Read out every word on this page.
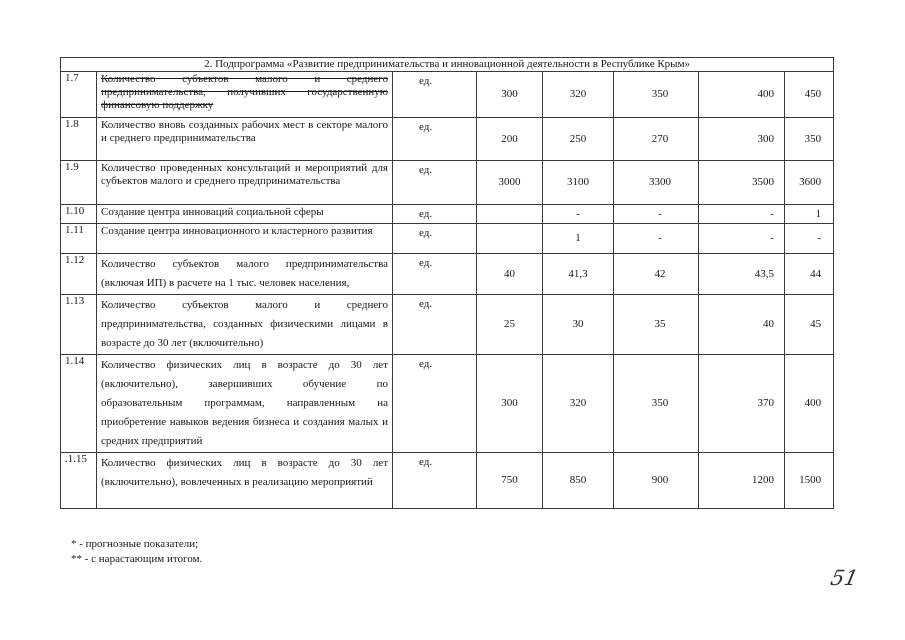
2. Подпрограмма «Развитие предпринимательства и инновационной деятельности в Республике Крым»							
1.7	Количество субъектов малого и среднего предпринимательства, получивших государственную финансовую поддержку	ед.	300	320	350	400	450
1.8	Количество вновь созданных рабочих мест в секторе малого и среднего предпринимательства	ед.	200	250	270	300	350
1.9	Количество проведенных консультаций и мероприятий для субъектов малого и среднего предпринимательства	ед.	3000	3100	3300	3500	3600
1.10	Создание центра инноваций социальной сферы	ед.		-	-	-	1
1.11	Создание центра инновационного и кластерного развития	ед.		1	-	-	-
1.12	Количество субъектов малого предпринимательства (включая ИП) в расчете на 1 тыс. человек населения,	ед.	40	41,3	42	43,5	44
1.13	Количество субъектов малого и среднего предпринимательства, созданных физическими лицами в возрасте до 30 лет (включительно)	ед.	25	30	35	40	45
1.14	Количество физических лиц в возрасте до 30 лет (включительно), завершивших обучение по образовательным программам, направленным на приобретение навыков ведения бизнеса и создания малых и средних предприятий	ед.	300	320	350	370	400
.1.15	Количество физических лиц в возрасте до 30 лет (включительно), вовлеченных в реализацию мероприятий	ед.	750	850	900	1200	1500
* - прогнозные показатели;
** - с нарастающим итогом.
51
